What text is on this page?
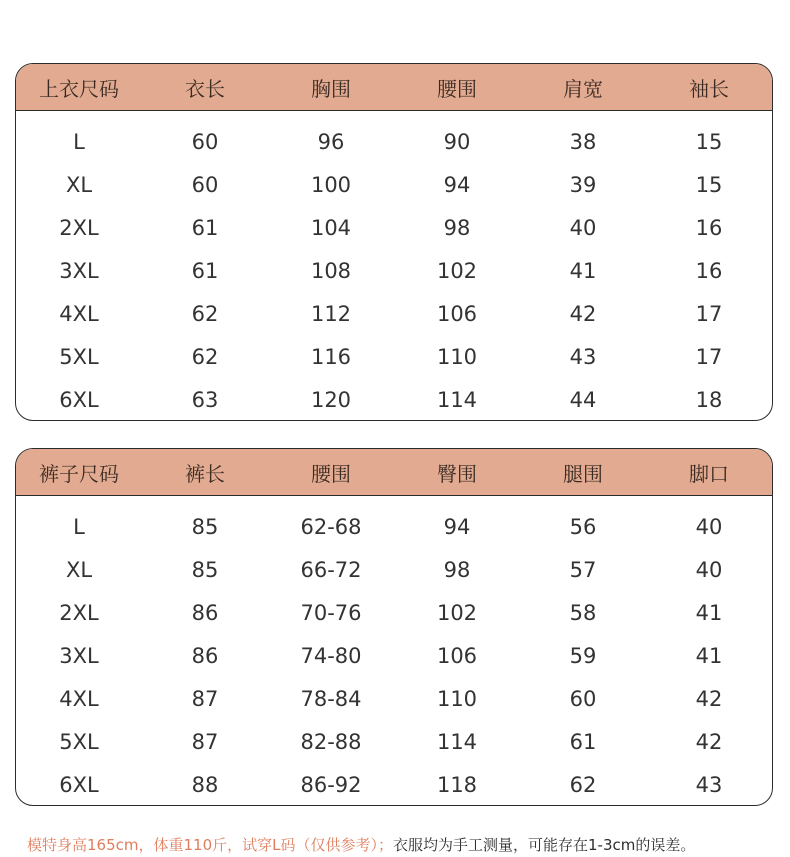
上衣尺码	衣长	胸围	腰围	肩宽	袖长
L	60	96	90	38	15
XL	60	100	94	39	15
2XL	61	104	98	40	16
3XL	61	108	102	41	16
4XL	62	112	106	42	17
5XL	62	116	110	43	17
6XL	63	120	114	44	18
裤子尺码	裤长	腰围	臀围	腿围	脚口
L	85	62-68	94	56	40
XL	85	66-72	98	57	40
2XL	86	70-76	102	58	41
3XL	86	74-80	106	59	41
4XL	87	78-84	110	60	42
5XL	87	82-88	114	61	42
6XL	88	86-92	118	62	43
模特身高165cm，体重110斤，试穿L码（仅供参考）；衣服均为手工测量，可能存在1-3cm的误差。
